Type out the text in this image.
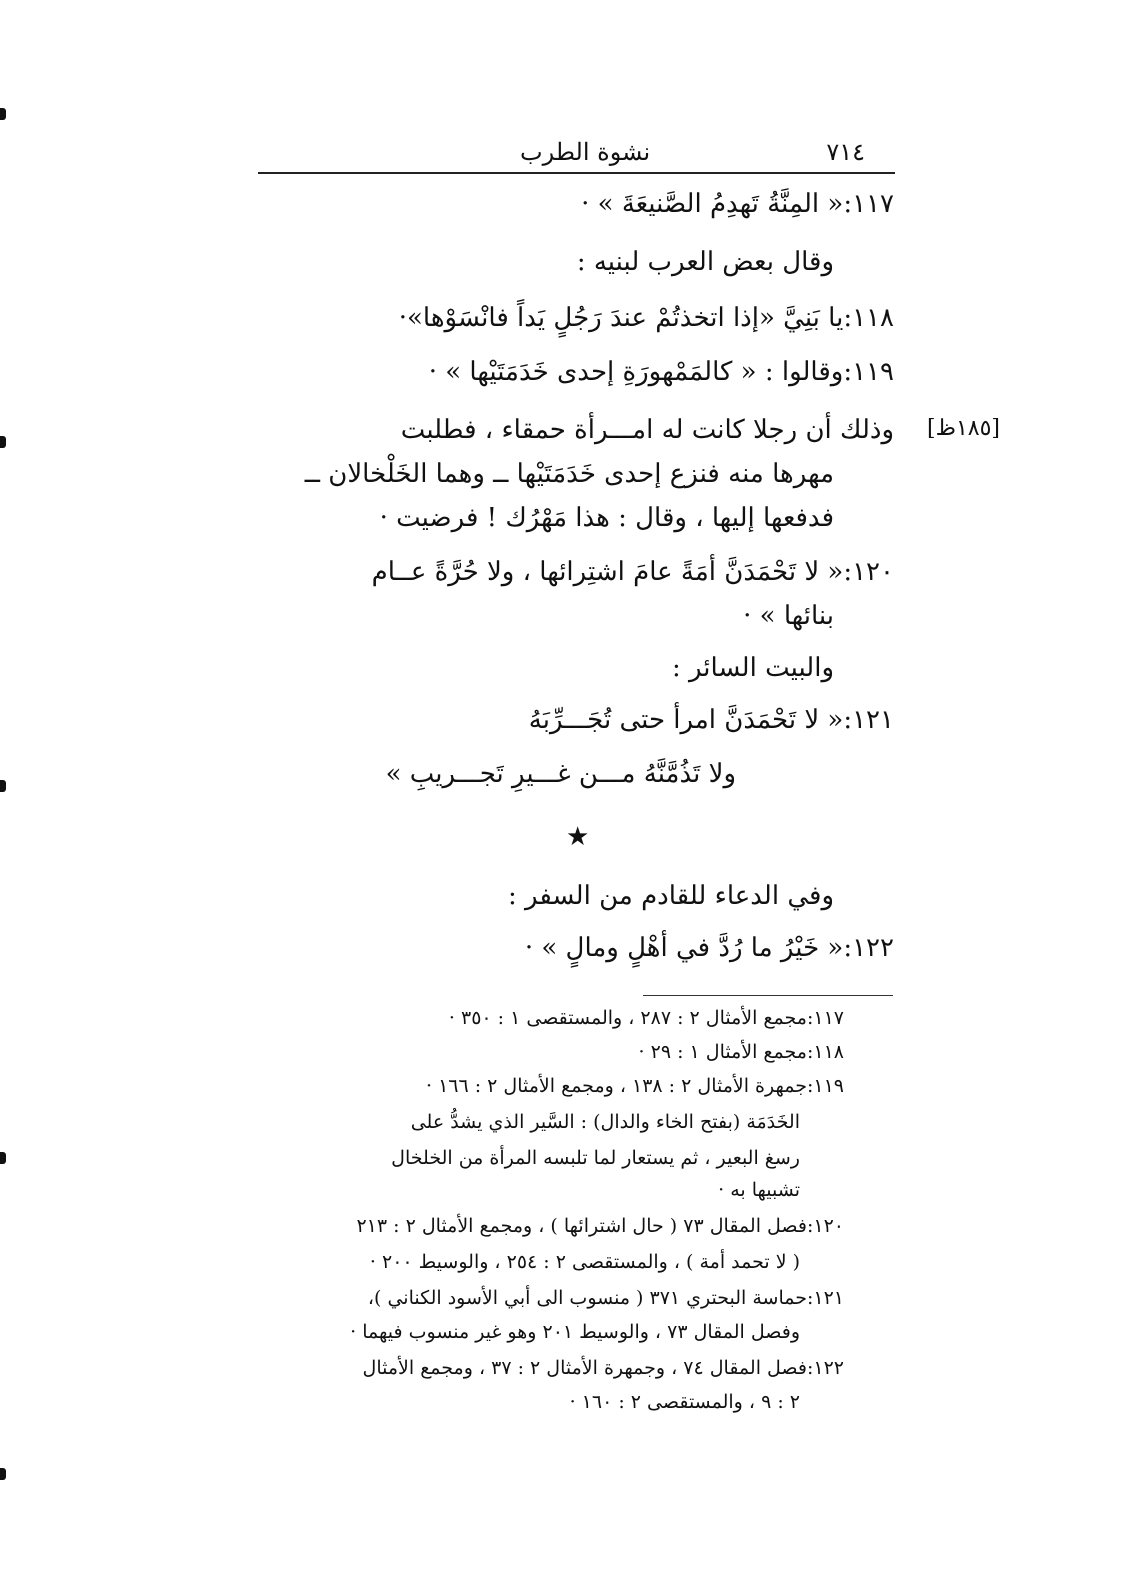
نشوة الطرب	٧١٤
[١٨٥ظ]
١١٧:« المِنَّةُ تَهدِمُ الصَّنيعَةَ » ·
وقال بعض العرب لبنيه :
١١٨:يا بَنِيَّ «إذا اتخذتُمْ عندَ رَجُلٍ يَداً فانْسَوْها»·
١١٩:وقالوا : « كالمَمْهورَةِ إحدى خَدَمَتَيْها » ·
وذلك أن رجلا كانت له امـــرأة حمقاء ، فطلبت
مهرها منه فنزع إحدى خَدَمَتَيْها ــ وهما الخَلْخالان ــ
فدفعها إليها ، وقال : هذا مَهْرُك ! فرضيت ·
١٢٠:« لا تَحْمَدَنَّ أمَةً عامَ اشتِرائها ، ولا حُرَّةً عــام
بنائها » ·
والبيت السائر :
١٢١:« لا تَحْمَدَنَّ امرأ حتى تُجَـــرِّبَهُ
ولا تَذُمَّنَّهُ مـــن غـــيرِ تَجـــريبِ »
★
وفي الدعاء للقادم من السفر :
١٢٢:« خَيْرُ ما رُدَّ في أهْلٍ ومالٍ » ·
١١٧:مجمع الأمثال ٢ : ٢٨٧ ، والمستقصى ١ : ٣٥٠ ·
١١٨:مجمع الأمثال ١ : ٢٩ ·
١١٩:جمهرة الأمثال ٢ : ١٣٨ ، ومجمع الأمثال ٢ : ١٦٦ ·
الخَدَمَة (بفتح الخاء والدال) : السَّير الذي يشدُّ على
رسغ البعير ، ثم يستعار لما تلبسه المرأة من الخلخال
تشبيها به ·
١٢٠:فصل المقال ٧٣ ( حال اشترائها ) ، ومجمع الأمثال ٢ : ٢١٣
( لا تحمد أمة ) ، والمستقصى ٢ : ٢٥٤ ، والوسيط ٢٠٠ ·
١٢١:حماسة البحتري ٣٧١ ( منسوب الى أبي الأسود الكناني )،
وفصل المقال ٧٣ ، والوسيط ٢٠١ وهو غير منسوب فيهما ·
١٢٢:فصل المقال ٧٤ ، وجمهرة الأمثال ٢ : ٣٧ ، ومجمع الأمثال
٢ : ٩ ، والمستقصى ٢ : ١٦٠ ·
